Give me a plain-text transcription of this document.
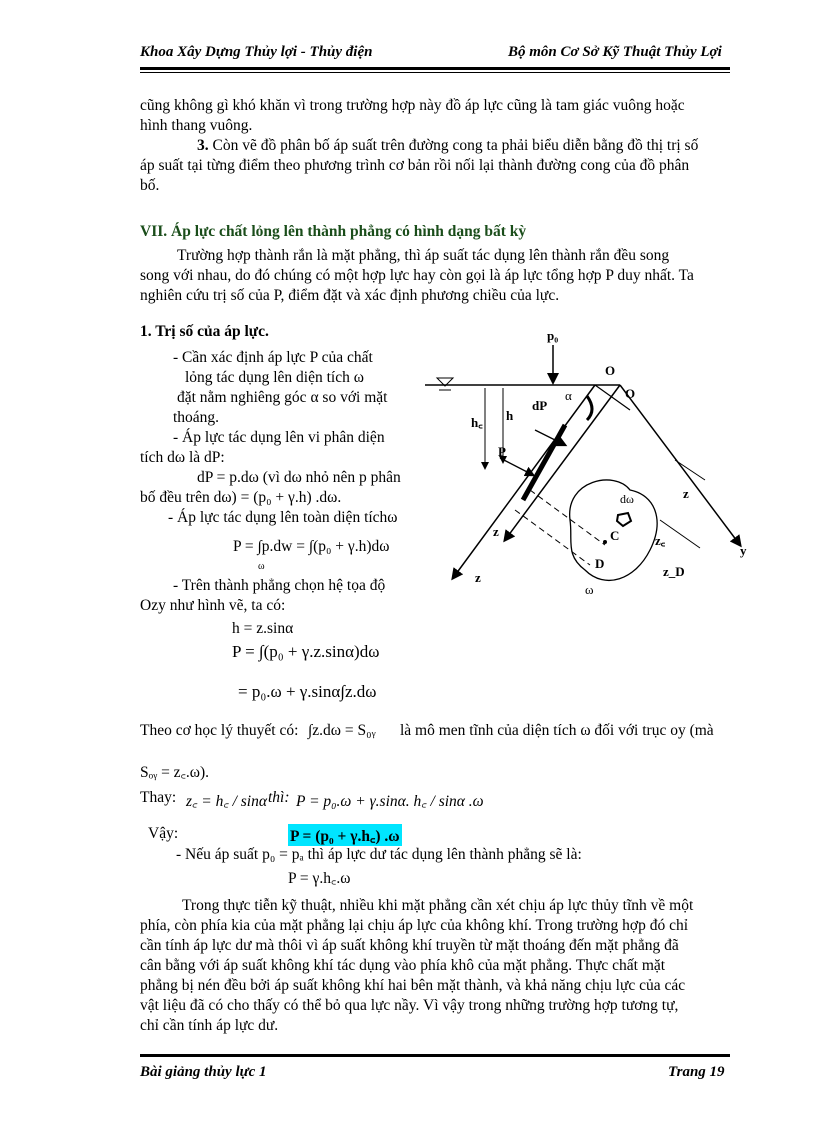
Khoa Xây Dựng Thủy lợi - Thủy điện	Bộ môn Cơ Sở Kỹ Thuật Thủy Lợi
cũng không gì khó khăn vì trong trường hợp này đồ áp lực cũng là tam giác vuông hoặc
hình thang vuông.
3. Còn vẽ đồ phân bố áp suất trên đường cong ta phải biểu diễn bằng đồ thị trị số
áp suất tại từng điểm theo phương trình cơ bản rồi nối lại thành đường cong của đồ phân
bố.
VII. Áp lực chất lỏng lên thành phẳng có hình dạng bất kỳ
Trường hợp thành rắn là mặt phẳng, thì áp suất tác dụng lên thành rắn đều song
song với nhau, do đó chúng có một hợp lực hay còn gọi là áp lực tổng hợp P duy nhất. Ta
nghiên cứu trị số của P, điểm đặt và xác định phương chiều của lực.
1. Trị số của áp lực.
- Cần xác định áp lực P của chất
lỏng tác dụng lên diện tích ω
đặt nằm nghiêng góc α so với mặt
thoáng.
- Áp lực tác dụng lên vi phân diện
tích dω là dP:
dP = p.dω (vì dω nhỏ nên p phân
bố đều trên dω) = (p₀ + γ.h) .dω.
- Áp lực tác dụng lên toàn diện tíchω
P = ∫p.dw = ∫(p₀ + γ.h)dω
ω
- Trên thành phẳng chọn hệ tọa độ
Ozy như hình vẽ, ta có:
h = z.sinα
P = ∫(p₀ + γ.z.sinα)dω
= p₀.ω + γ.sinα∫z.dω
Theo cơ học lý thuyết có: ∫z.dω = S₀ᵧ là mô men tĩnh của diện tích ω đối với trục oy (mà
Sₒᵧ = z꜀.ω).
Thay: z꜀ = h꜀ / sinα thì: P = p₀.ω + γ.sinα. h꜀ / sinα .ω
Vậy:	P = (p₀ + γ.h꜀) .ω
- Nếu áp suất p₀ = pₐ thì áp lực dư tác dụng lên thành phẳng sẽ là:
P = γ.h꜀.ω
Trong thực tiễn kỹ thuật, nhiều khi mặt phẳng cần xét chịu áp lực thủy tĩnh về một
phía, còn phía kia của mặt phẳng lại chịu áp lực của không khí. Trong trường hợp đó chỉ
cần tính áp lực dư mà thôi vì áp suất không khí truyền từ mặt thoáng đến mặt phẳng đã
cân bằng với áp suất không khí tác dụng vào phía khô của mặt phẳng. Thực chất mặt
phẳng bị nén đều bởi áp suất không khí hai bên mặt thành, và khả năng chịu lực của các
vật liệu đã có cho thấy có thể bỏ qua lực nầy. Vì vậy trong những trường hợp tương tự,
chỉ cần tính áp lực dư.
p₀
O
O
α
dP
h꜀ h
P
dω
z
z
z
z꜀
z_D
C
D
ω
y
Bài giảng thủy lực 1	Trang 19
